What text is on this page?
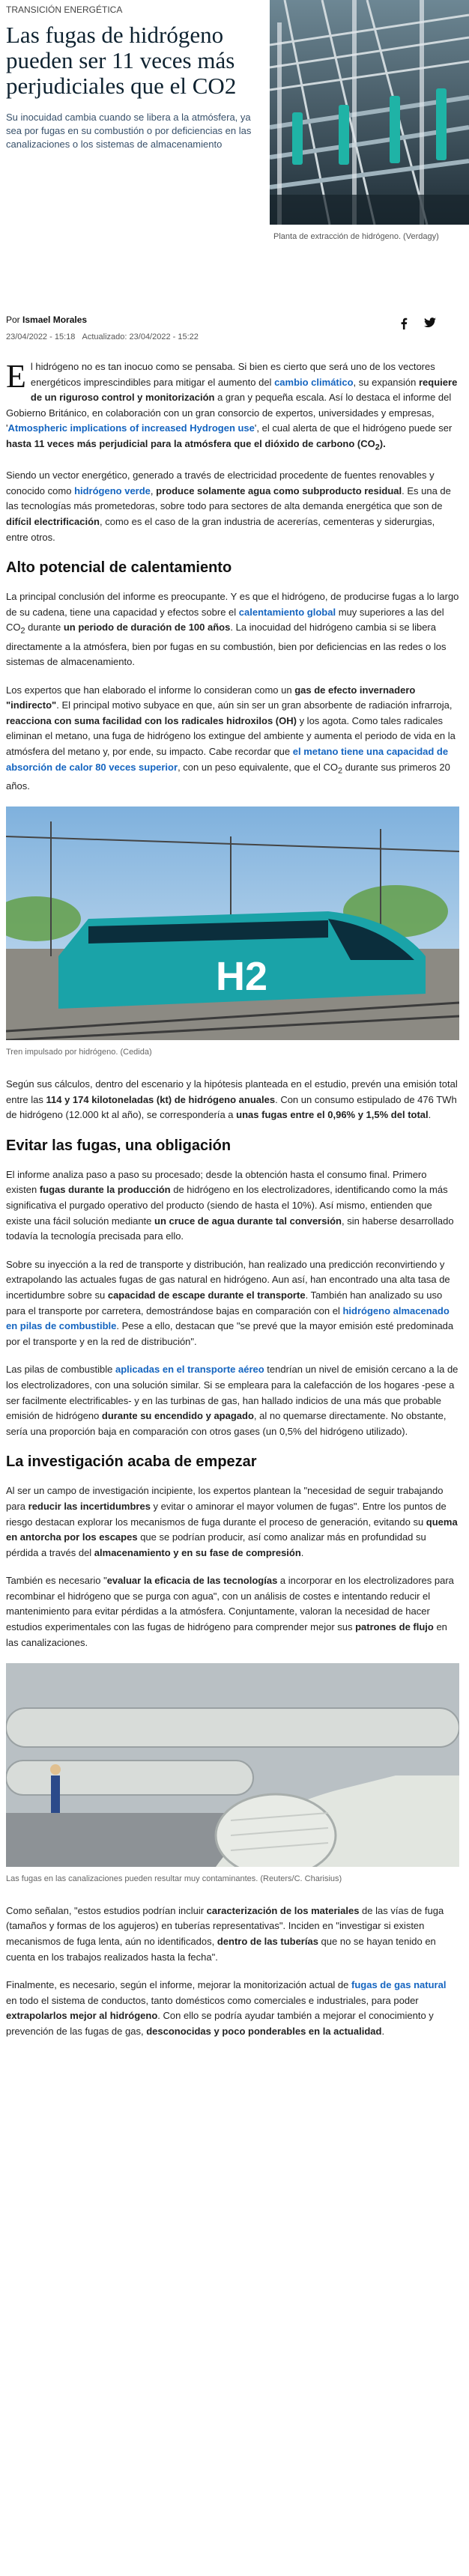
TRANSICIÓN ENERGÉTICA
Las fugas de hidrógeno pueden ser 11 veces más perjudiciales que el CO2

Su inocuidad cambia cuando se libera a la atmósfera, ya sea por fugas en su combustión o por deficiencias en las canalizaciones o los sistemas de almacenamiento

Planta de extracción de hidrógeno. (Verdagy)
Por Ismael Morales
23/04/2022 - 15:18 Actualizado: 23/04/2022 - 15:22

El hidrógeno no es tan inocuo como se pensaba. Si bien es cierto que será uno de los vectores energéticos imprescindibles para mitigar el aumento del cambio climático, su expansión requiere de un riguroso control y monitorización a gran y pequeña escala. Así lo destaca el informe del Gobierno Británico, en colaboración con un gran consorcio de expertos, universidades y empresas, 'Atmospheric implications of increased Hydrogen use', el cual alerta de que el hidrógeno puede ser hasta 11 veces más perjudicial para la atmósfera que el dióxido de carbono $(CO_2)$.

Siendo un vector energético, generado a través de electricidad procedente de fuentes renovables y conocido como hidrógeno verde, produce solamente agua como subproducto residual. Es una de las tecnologías más prometedoras, sobre todo para sectores de alta demanda energética que son de difícil electrificación, como es el caso de la gran industria de acererías, cementeras y siderurgias, entre otros.

Alto potencial de calentamiento

La principal conclusión del informe es preocupante. Y es que el hidrógeno, de producirse fugas a lo largo de su cadena, tiene una capacidad y efectos sobre el calentamiento global muy superiores a las del $CO_2$ durante un periodo de duración de 100 años. La inocuidad del hidrógeno cambia si se libera directamente a la atmósfera, bien por fugas en su combustión, bien por deficiencias en las redes o los sistemas de almacenamiento.

Los expertos que han elaborado el informe lo consideran como un gas de efecto invernadero "indirecto". El principal motivo subyace en que, aún sin ser un gran absorbente de radiación infrarroja, reacciona con suma facilidad con los radicales hidroxilos (OH) y los agota. Como tales radicales eliminan el metano, una fuga de hidrógeno los extingue del ambiente y aumenta el periodo de vida en la atmósfera del metano y, por ende, su impacto. Cabe recordar que el metano tiene una capacidad de absorción de calor 80 veces superior, con un peso equivalente, que el $CO_2$ durante sus primeros 20 años.

H2
Tren impulsado por hidrógeno. (Cedida)

Según sus cálculos, dentro del escenario y la hipótesis planteada en el estudio, prevén una emisión total entre las 114 y 174 kilotoneladas (kt) de hidrógeno anuales. Con un consumo estipulado de 476 TWh de hidrógeno (12.000 kt al año), se correspondería a unas fugas entre el 0,96% y 1,5% del total.

Evitar las fugas, una obligación

El informe analiza paso a paso su procesado; desde la obtención hasta el consumo final. Primero existen fugas durante la producción de hidrógeno en los electrolizadores, identificando como la más significativa el purgado operativo del producto (siendo de hasta el 10%). Así mismo, entienden que existe una fácil solución mediante un cruce de agua durante tal conversión, sin haberse desarrollado todavía la tecnología precisada para ello.

Sobre su inyección a la red de transporte y distribución, han realizado una predicción reconvirtiendo y extrapolando las actuales fugas de gas natural en hidrógeno. Aun así, han encontrado una alta tasa de incertidumbre sobre su capacidad de escape durante el transporte. También han analizado su uso para el transporte por carretera, demostrándose bajas en comparación con el hidrógeno almacenado en pilas de combustible. Pese a ello, destacan que "se prevé que la mayor emisión esté predominada por el transporte y en la red de distribución".

Las pilas de combustible aplicadas en el transporte aéreo tendrían un nivel de emisión cercano a la de los electrolizadores, con una solución similar. Si se empleara para la calefacción de los hogares -pese a ser facilmente electrificables- y en las turbinas de gas, han hallado indicios de una más que probable emisión de hidrógeno durante su encendido y apagado, al no quemarse directamente. No obstante, sería una proporción baja en comparación con otros gases (un 0,5% del hidrógeno utilizado).

La investigación acaba de empezar

Al ser un campo de investigación incipiente, los expertos plantean la "necesidad de seguir trabajando para reducir las incertidumbres y evitar o aminorar el mayor volumen de fugas". Entre los puntos de riesgo destacan explorar los mecanismos de fuga durante el proceso de generación, evitando su quema en antorcha por los escapes que se podrían producir, así como analizar más en profundidad su pérdida a través del almacenamiento y en su fase de compresión.

También es necesario "evaluar la eficacia de las tecnologías a incorporar en los electrolizadores para recombinar el hidrógeno que se purga con agua", con un análisis de costes e intentando reducir el mantenimiento para evitar pérdidas a la atmósfera. Conjuntamente, valoran la necesidad de hacer estudios experimentales con las fugas de hidrógeno para comprender mejor sus patrones de flujo en las canalizaciones.

Las fugas en las canalizaciones pueden resultar muy contaminantes. (Reuters/C. Charisius)

Como señalan, "estos estudios podrían incluir caracterización de los materiales de las vías de fuga (tamaños y formas de los agujeros) en tuberías representativas". Inciden en "investigar si existen mecanismos de fuga lenta, aún no identificados, dentro de las tuberías que no se hayan tenido en cuenta en los trabajos realizados hasta la fecha".

Finalmente, es necesario, según el informe, mejorar la monitorización actual de fugas de gas natural en todo el sistema de conductos, tanto domésticos como comerciales e industriales, para poder extrapolarlos mejor al hidrógeno. Con ello se podría ayudar también a mejorar el conocimiento y prevención de las fugas de gas, desconocidas y poco ponderables en la actualidad.
